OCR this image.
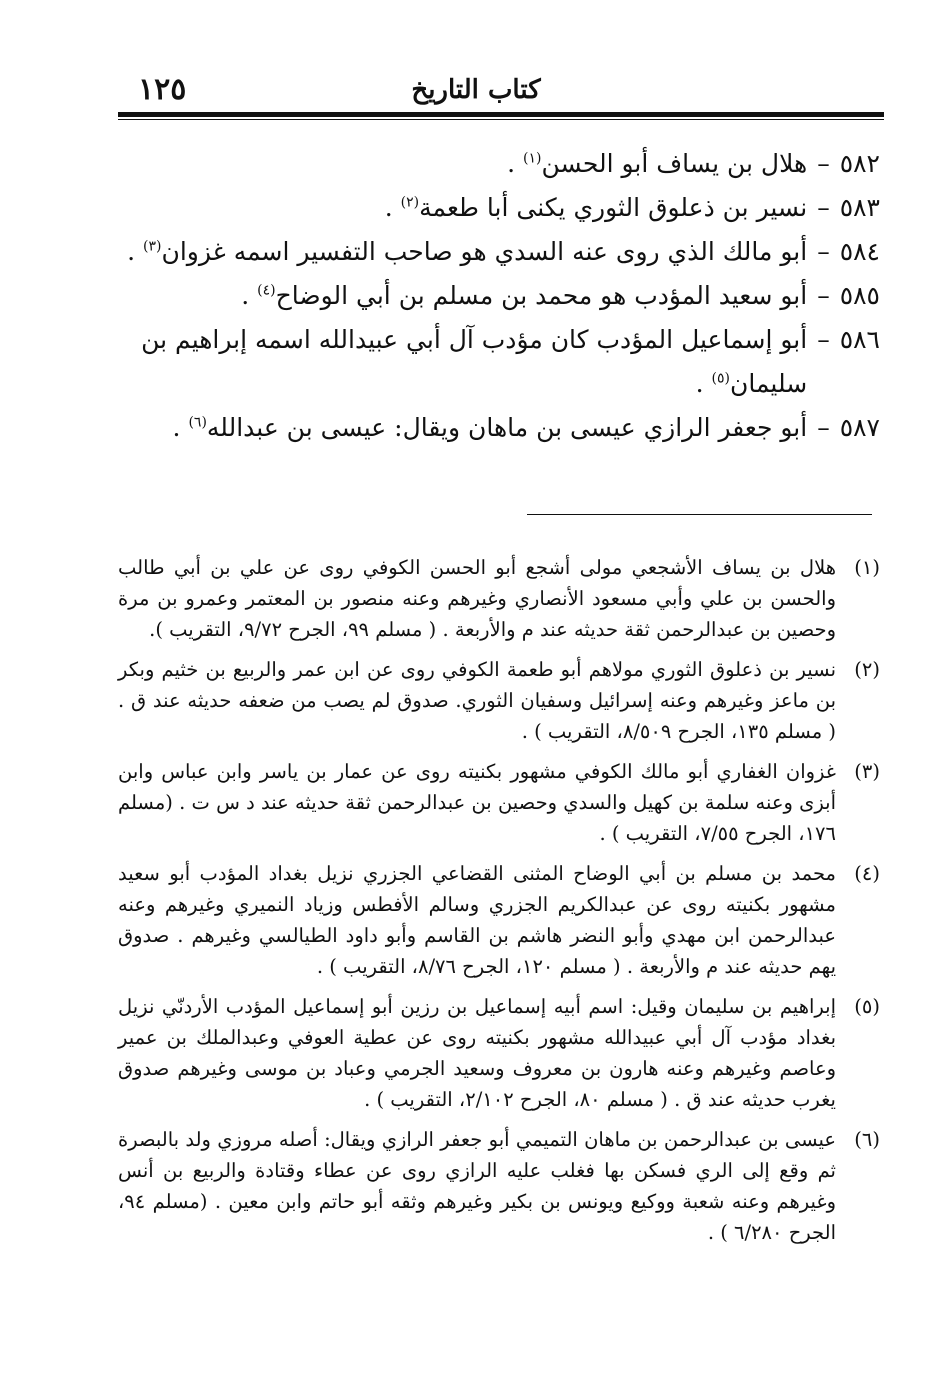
كتاب التاريخ
١٢٥
٥٨٢
–
هلال بن يساف أبو الحسن$^{(١)}$ .
٥٨٣
–
نسير بن ذعلوق الثوري يكنى أبا طعمة$^{(٢)}$ .
٥٨٤
–
أبو مالك الذي روى عنه السدي هو صاحب التفسير اسمه غزوان$^{(٣)}$ .
٥٨٥
–
أبو سعيد المؤدب هو محمد بن مسلم بن أبي الوضاح$^{(٤)}$ .
٥٨٦
–
أبو إسماعيل المؤدب كان مؤدب آل أبي عبيدالله اسمه إبراهيم بن سليمان$^{(٥)}$ .
٥٨٧
–
أبو جعفر الرازي عيسى بن ماهان ويقال: عيسى بن عبدالله$^{(٦)}$ .
(١)
هلال بن يساف الأشجعي مولى أشجع أبو الحسن الكوفي روى عن علي بن أبي طالب والحسن بن علي وأبي مسعود الأنصاري وغيرهم وعنه منصور بن المعتمر وعمرو بن مرة وحصين بن عبدالرحمن ثقة حديثه عند م والأربعة . ( مسلم ٩٩، الجرح ٩/٧٢، التقريب ).
(٢)
نسير بن ذعلوق الثوري مولاهم أبو طعمة الكوفي روى عن ابن عمر والربيع بن خثيم وبكر بن ماعز وغيرهم وعنه إسرائيل وسفيان الثوري. صدوق لم يصب من ضعفه حديثه عند ق . ( مسلم ١٣٥، الجرح ٨/٥٠٩، التقريب ) .
(٣)
غزوان الغفاري أبو مالك الكوفي مشهور بكنيته روى عن عمار بن ياسر وابن عباس وابن أبزى وعنه سلمة بن كهيل والسدي وحصين بن عبدالرحمن ثقة حديثه عند د س ت . (مسلم ١٧٦، الجرح ٧/٥٥، التقريب ) .
(٤)
محمد بن مسلم بن أبي الوضاح المثنى القضاعي الجزري نزيل بغداد المؤدب أبو سعيد مشهور بكنيته روى عن عبدالكريم الجزري وسالم الأفطس وزياد النميري وغيرهم وعنه عبدالرحمن ابن مهدي وأبو النضر هاشم بن القاسم وأبو داود الطيالسي وغيرهم . صدوق يهم حديثه عند م والأربعة . ( مسلم ١٢٠، الجرح ٨/٧٦، التقريب ) .
(٥)
إبراهيم بن سليمان وقيل: اسم أبيه إسماعيل بن رزين أبو إسماعيل المؤدب الأردنّي نزيل بغداد مؤدب آل أبي عبيدالله مشهور بكنيته روى عن عطية العوفي وعبدالملك بن عمير وعاصم وغيرهم وعنه هارون بن معروف وسعيد الجرمي وعباد بن موسى وغيرهم صدوق يغرب حديثه عند ق . ( مسلم ٨٠، الجرح ٢/١٠٢، التقريب ) .
(٦)
عيسى بن عبدالرحمن بن ماهان التميمي أبو جعفر الرازي ويقال: أصله مروزي ولد بالبصرة ثم وقع إلى الري فسكن بها فغلب عليه الرازي روى عن عطاء وقتادة والربيع بن أنس وغيرهم وعنه شعبة ووكيع ويونس بن بكير وغيرهم وثقه أبو حاتم وابن معين . (مسلم ٩٤، الجرح ٦/٢٨٠ ) .
